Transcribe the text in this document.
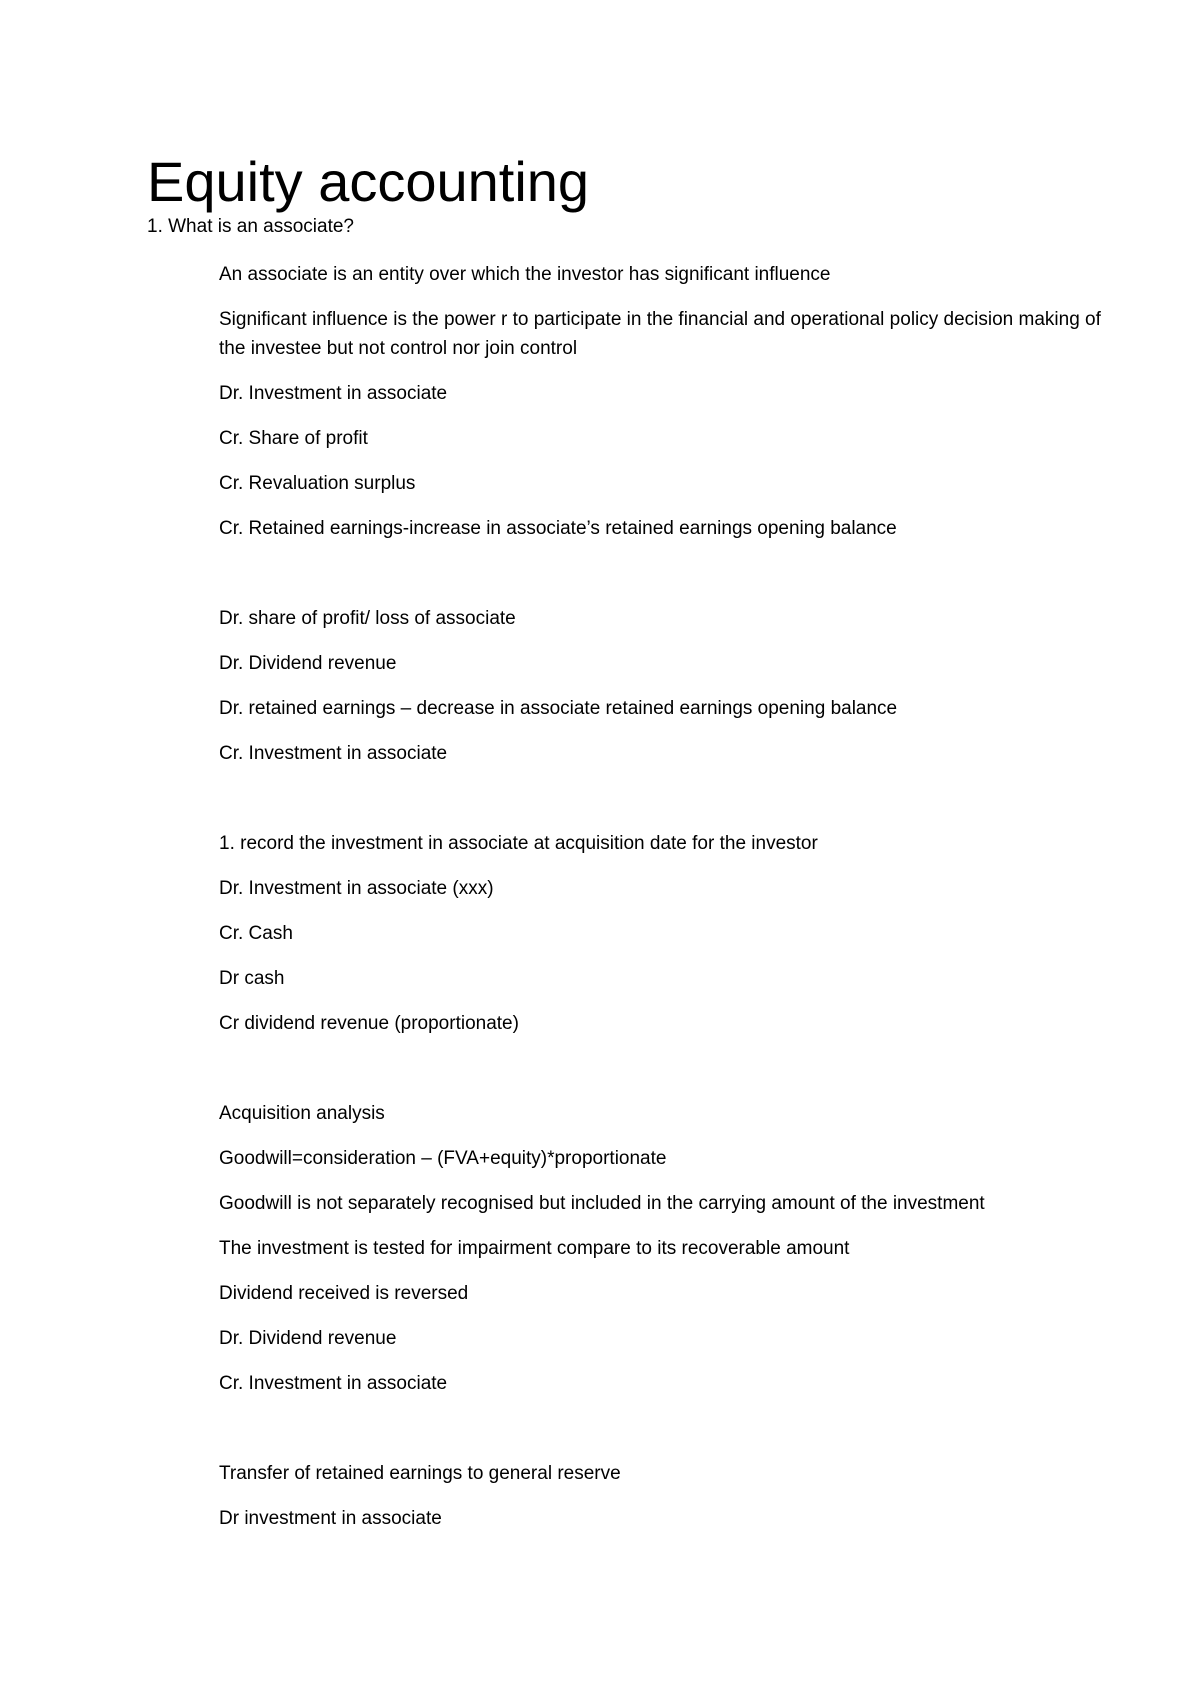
Equity accounting

1. What is an associate?

An associate is an entity over which the investor has significant influence
Significant influence is the power r to participate in the financial and operational policy decision making of the investee but not control nor join control
Dr. Investment in associate
Cr. Share of profit
Cr. Revaluation surplus
Cr. Retained earnings-increase in associate’s retained earnings opening balance
Dr. share of profit/ loss of associate
Dr. Dividend revenue
Dr. retained earnings – decrease in associate retained earnings opening balance
Cr. Investment in associate
1. record the investment in associate at acquisition date for the investor
Dr. Investment in associate (xxx)
Cr. Cash
Dr cash
Cr dividend revenue (proportionate)
Acquisition analysis
Goodwill=consideration – (FVA+equity)*proportionate
Goodwill is not separately recognised but included in the carrying amount of the investment
The investment is tested for impairment compare to its recoverable amount
Dividend received is reversed
Dr. Dividend revenue
Cr. Investment in associate
Transfer of retained earnings to general reserve
Dr investment in associate
